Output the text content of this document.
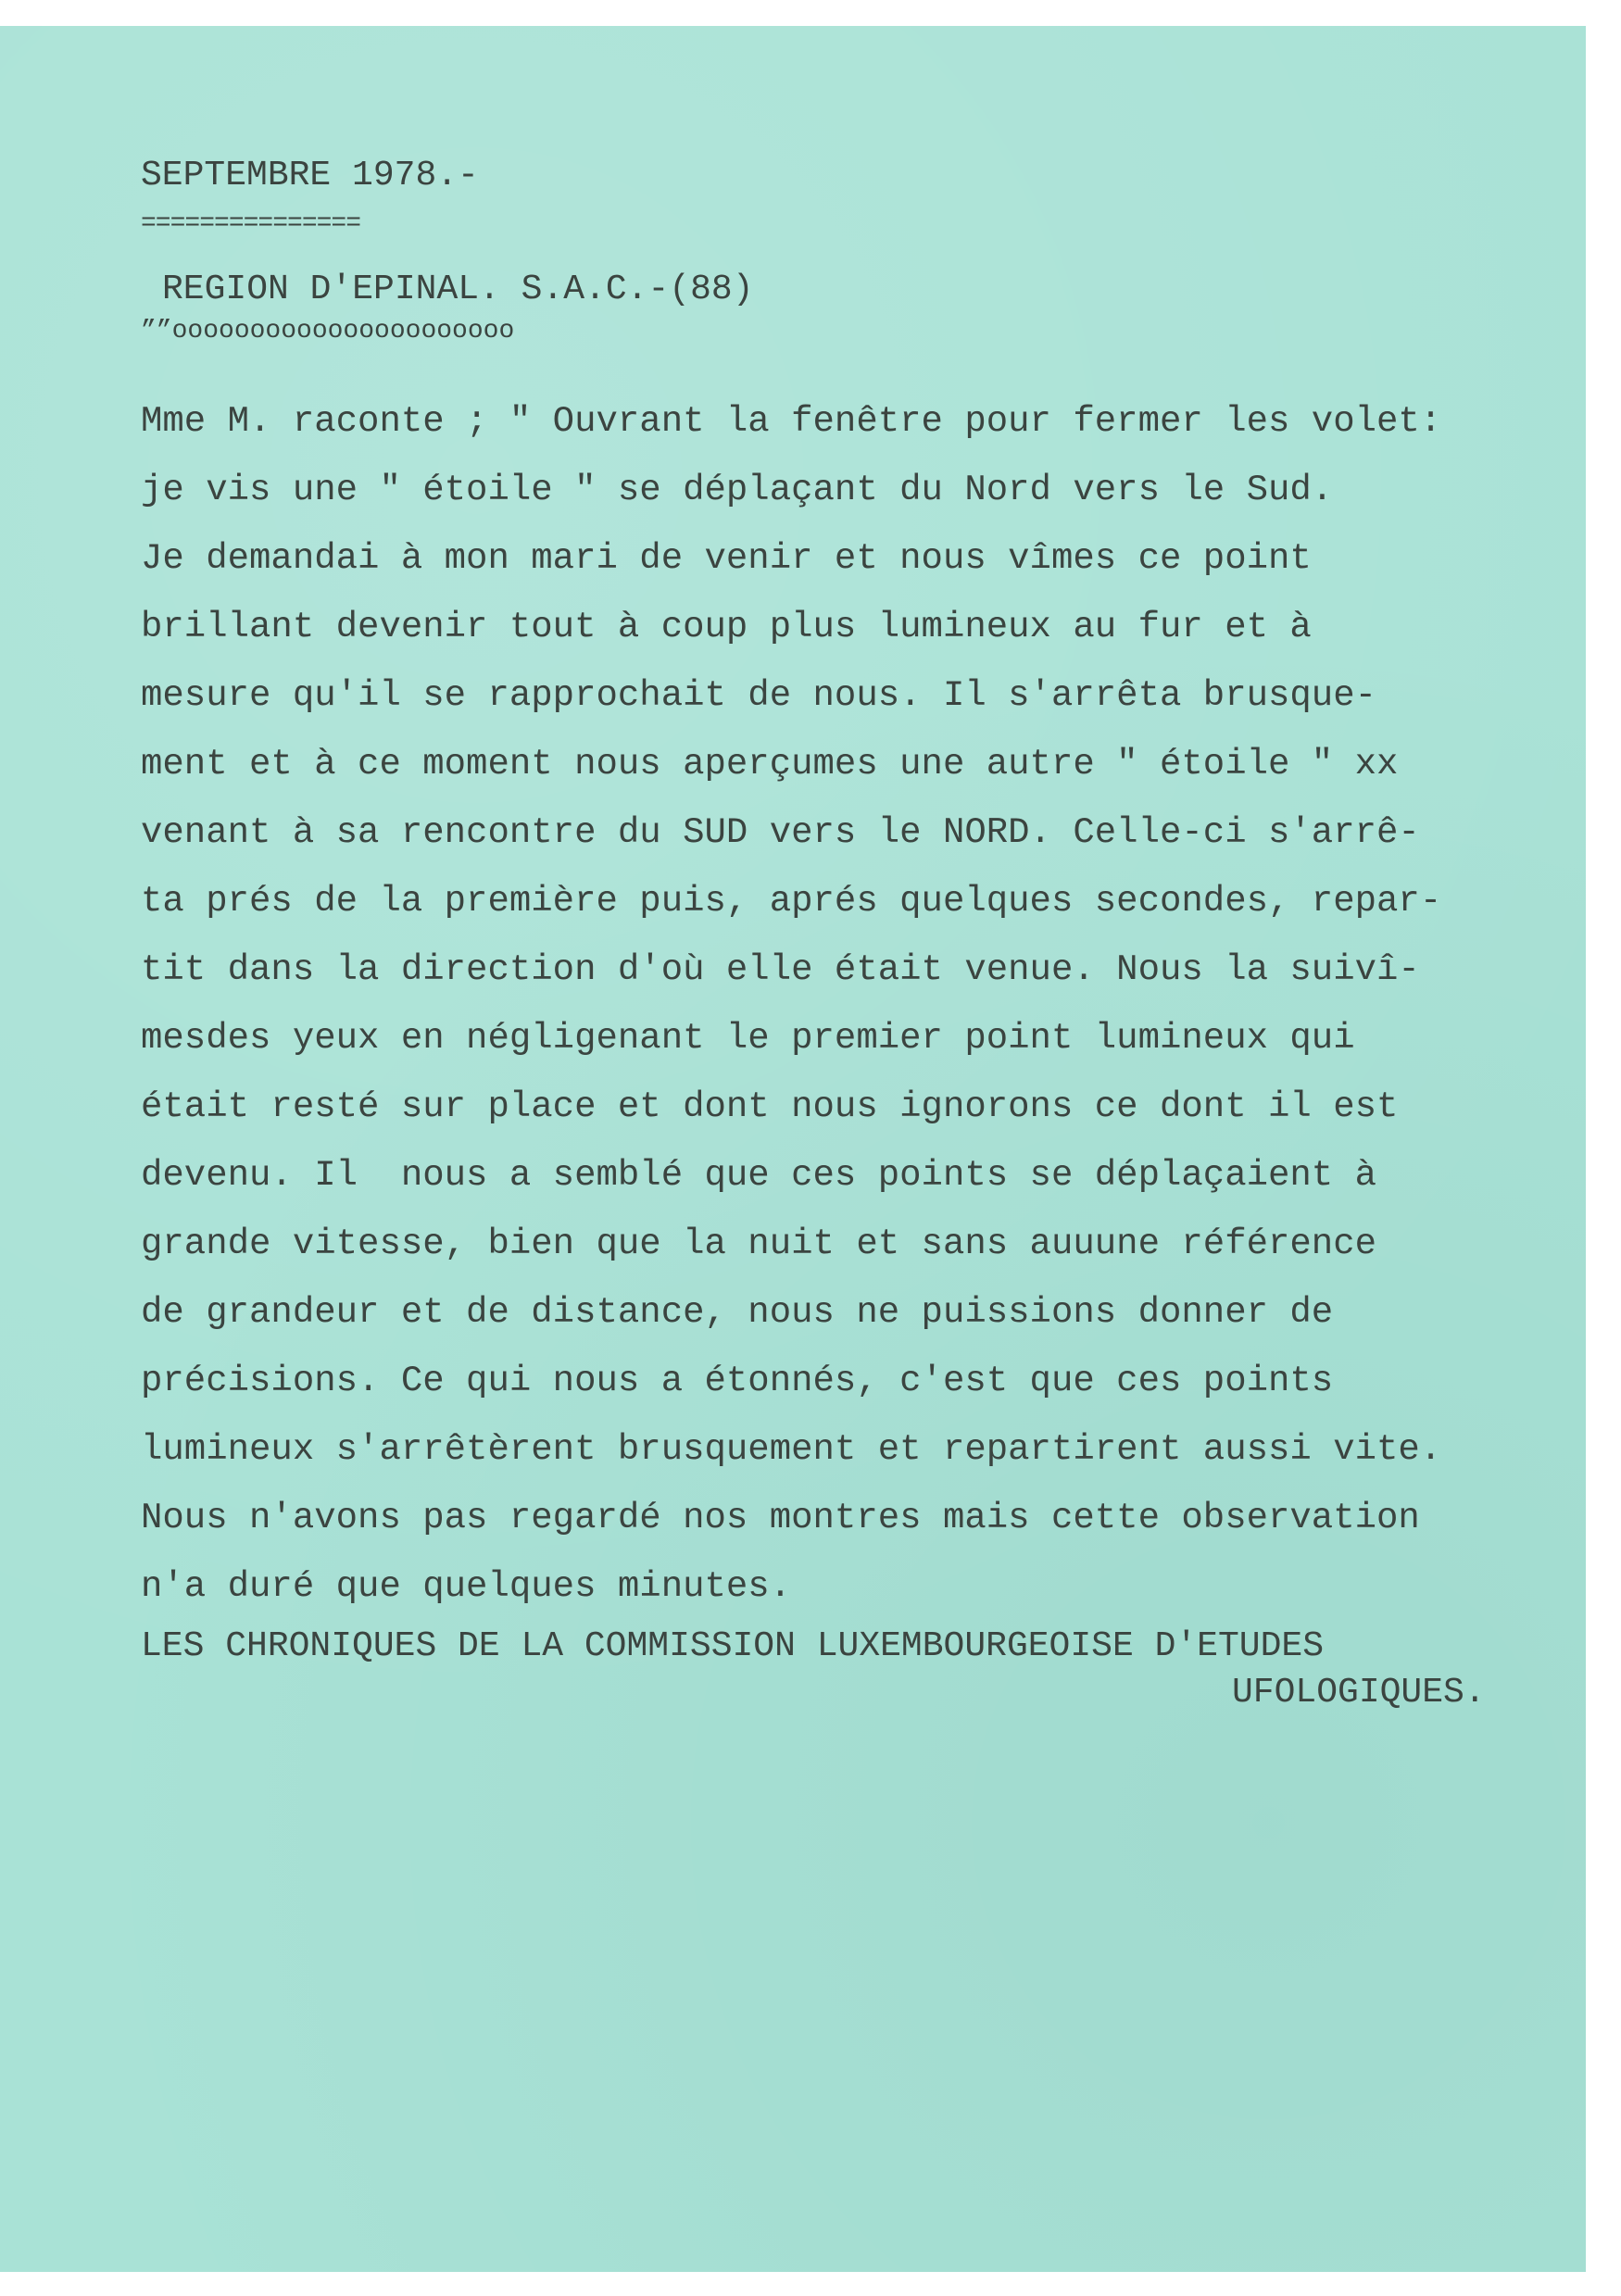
SEPTEMBRE 1978.-

===============

REGION D'EPINAL. S.A.C.-(88)

””oooooooooooooooooooooo

Mme M. raconte ; " Ouvrant la fenêtre pour fermer les volet:
je vis une " étoile " se déplaçant du Nord vers le Sud.
Je demandai à mon mari de venir et nous vîmes ce point
brillant devenir tout à coup plus lumineux au fur et à
mesure qu'il se rapprochait de nous. Il s'arrêta brusque-
ment et à ce moment nous aperçumes une autre " étoile " xx
venant à sa rencontre du SUD vers le NORD. Celle-ci s'arrê-
ta prés de la première puis, aprés quelques secondes, repar-
tit dans la direction d'où elle était venue. Nous la suivî-
mesdes yeux en négligenant le premier point lumineux qui
était resté sur place et dont nous ignorons ce dont il est
devenu. Il  nous a semblé que ces points se déplaçaient à
grande vitesse, bien que la nuit et sans auuune référence
de grandeur et de distance, nous ne puissions donner de
précisions. Ce qui nous a étonnés, c'est que ces points
lumineux s'arrêtèrent brusquement et repartirent aussi vite.
Nous n'avons pas regardé nos montres mais cette observation
n'a duré que quelques minutes.

LES CHRONIQUES DE LA COMMISSION LUXEMBOURGEOISE D'ETUDES

UFOLOGIQUES.
